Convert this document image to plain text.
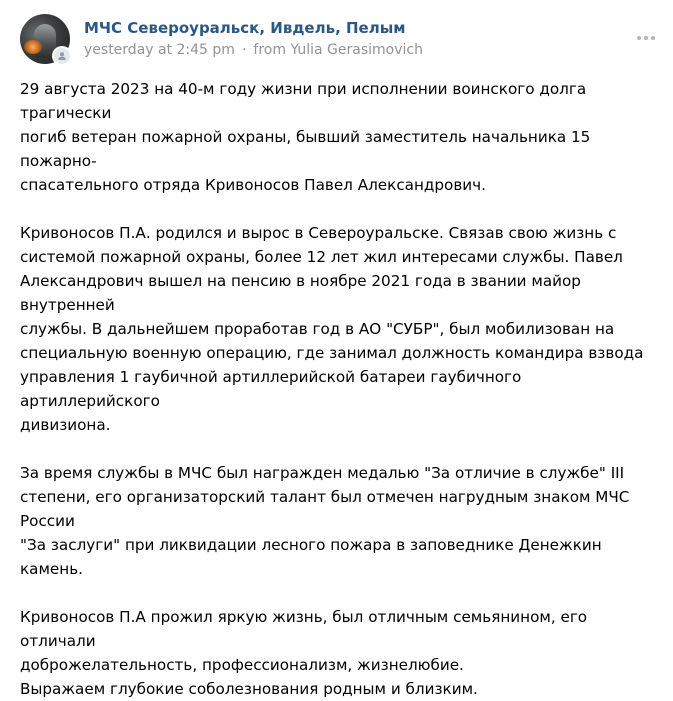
МЧС Североуральск, Ивдель, Пелым
yesterday at 2:45 pm · from Yulia Gerasimovich

29 августа 2023 на 40-м году жизни при исполнении воинского долга трагически
погиб ветеран пожарной охраны, бывший заместитель начальника 15 пожарно-
спасательного отряда Кривоносов Павел Александрович.

Кривоносов П.А. родился и вырос в Североуральске. Связав свою жизнь с
системой пожарной охраны, более 12 лет жил интересами службы. Павел
Александрович вышел на пенсию в ноябре 2021 года в звании майор внутренней
службы. В дальнейшем проработав год в АО "СУБР", был мобилизован на
специальную военную операцию, где занимал должность командира взвода
управления 1 гаубичной артиллерийской батареи гаубичного артиллерийского
дивизиона.

За время службы в МЧС был награжден медалью "За отличие в службе" III
степени, его организаторский талант был отмечен нагрудным знаком МЧС России
"За заслуги" при ликвидации лесного пожара в заповеднике Денежкин камень.

Кривоносов П.А прожил яркую жизнь, был отличным семьянином, его отличали
доброжелательность, профессионализм, жизнелюбие.
Выражаем глубокие соболезнования родным и близким.
